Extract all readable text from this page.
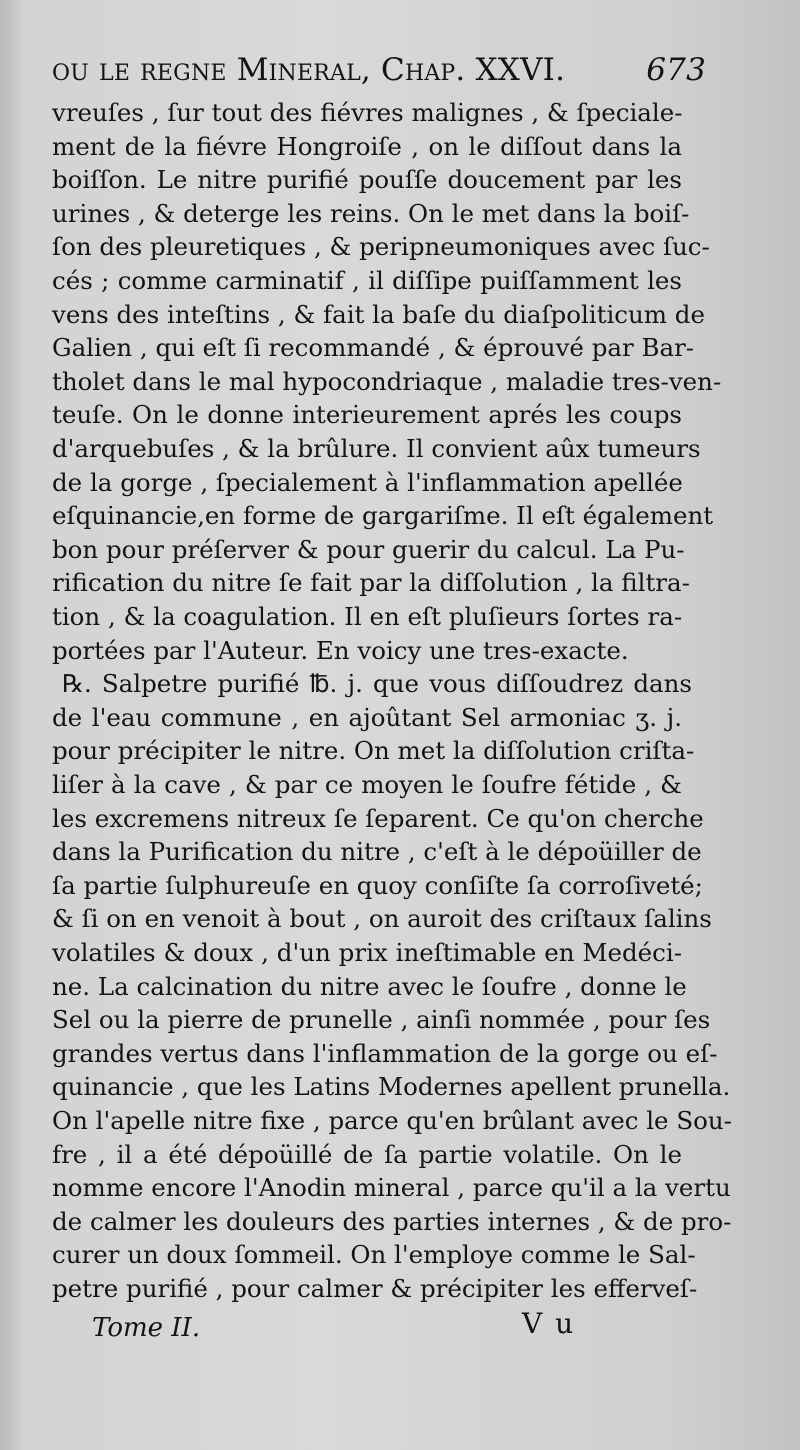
ou le regne Mineral, Chap. XXVI.	673
vreuſes , ſur tout des fiévres malignes , & ſpeciale-
ment de la fiévre Hongroiſe , on le diſſout dans la
boiſſon. Le nitre purifié pouſſe doucement par les
urines , & deterge les reins. On le met dans la boiſ-
ſon des pleuretiques , & peripneumoniques avec ſuc-
cés ; comme carminatif , il diſſipe puiſſamment les
vens des inteſtins , & fait la baſe du diaſpoliticum de
Galien , qui eſt ſi recommandé , & éprouvé par Bar-
tholet dans le mal hypocondriaque , maladie tres-ven-
teuſe. On le donne interieurement aprés les coups
d'arquebuſes , & la brûlure. Il convient aûx tumeurs
de la gorge , ſpecialement à l'inflammation apellée
eſquinancie,en forme de gargariſme. Il eſt également
bon pour préſerver & pour guerir du calcul. La Pu-
rification du nitre ſe fait par la diſſolution , la filtra-
tion , & la coagulation. Il en eſt pluſieurs ſortes ra-
portées par l'Auteur. En voicy une tres-exacte.
℞. Salpetre purifié ℔. j. que vous diſſoudrez dans
de l'eau commune , en ajoûtant Sel armoniac ʒ. j.
pour précipiter le nitre. On met la diſſolution criſta-
liſer à la cave , & par ce moyen le ſoufre fétide , &
les excremens nitreux ſe ſeparent. Ce qu'on cherche
dans la Purification du nitre , c'eſt à le dépoüiller de
ſa partie ſulphureuſe en quoy conſiſte ſa corroſiveté;
& ſi on en venoit à bout , on auroit des criſtaux ſalins
volatiles & doux , d'un prix ineſtimable en Medéci-
ne. La calcination du nitre avec le ſoufre , donne le
Sel ou la pierre de prunelle , ainſi nommée , pour ſes
grandes vertus dans l'inflammation de la gorge ou eſ-
quinancie , que les Latins Modernes apellent prunella.
On l'apelle nitre fixe , parce qu'en brûlant avec le Sou-
fre , il a été dépoüillé de ſa partie volatile. On le
nomme encore l'Anodin mineral , parce qu'il a la vertu
de calmer les douleurs des parties internes , & de pro-
curer un doux ſommeil. On l'employe comme le Sal-
petre purifié , pour calmer & précipiter les efferveſ-
Tome II.	V u
